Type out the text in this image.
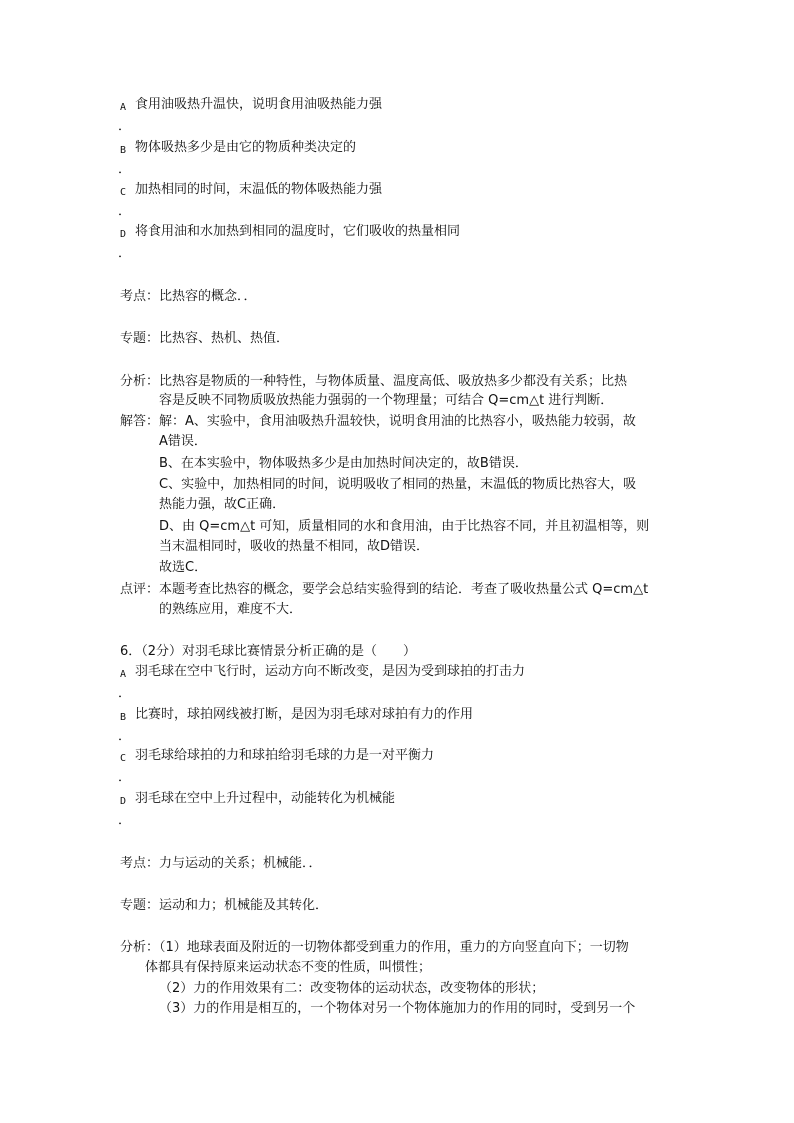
A 食用油吸热升温快，说明食用油吸热能力强
．
B 物体吸热多少是由它的物质种类决定的
．
C 加热相同的时间，末温低的物体吸热能力强
．
D 将食用油和水加热到相同的温度时，它们吸收的热量相同
．
考点：比热容的概念．．
专题：比热容、热机、热值．
分析：比热容是物质的一种特性，与物体质量、温度高低、吸放热多少都没有关系；比热
容是反映不同物质吸放热能力强弱的一个物理量；可结合 Q=cm△t 进行判断．
解答：解：A、实验中，食用油吸热升温较快，说明食用油的比热容小，吸热能力较弱，故
A错误．
B、在本实验中，物体吸热多少是由加热时间决定的，故B错误．
C、实验中，加热相同的时间，说明吸收了相同的热量，末温低的物质比热容大，吸
热能力强，故C正确．
D、由 Q=cm△t 可知，质量相同的水和食用油，由于比热容不同，并且初温相等，则
当末温相同时，吸收的热量不相同，故D错误．
故选C．
点评：本题考查比热容的概念，要学会总结实验得到的结论．考查了吸收热量公式 Q=cm△t
的熟练应用，难度不大．
6．（2分）对羽毛球比赛情景分析正确的是（　　）
A 羽毛球在空中飞行时，运动方向不断改变，是因为受到球拍的打击力
．
B 比赛时，球拍网线被打断，是因为羽毛球对球拍有力的作用
．
C 羽毛球给球拍的力和球拍给羽毛球的力是一对平衡力
．
D 羽毛球在空中上升过程中，动能转化为机械能
．
考点：力与运动的关系；机械能．．
专题：运动和力；机械能及其转化．
分析：（1）地球表面及附近的一切物体都受到重力的作用，重力的方向竖直向下；一切物
体都具有保持原来运动状态不变的性质，叫惯性；
（2）力的作用效果有二：改变物体的运动状态，改变物体的形状；
（3）力的作用是相互的，一个物体对另一个物体施加力的作用的同时，受到另一个
